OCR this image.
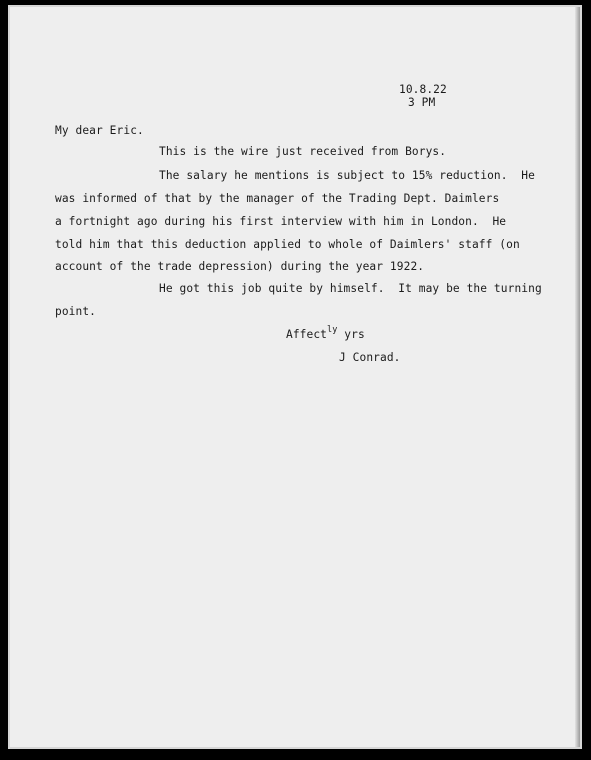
10.8.22
3 PM
My dear Eric.
This is the wire just received from Borys.
The salary he mentions is subject to 15% reduction.  He
was informed of that by the manager of the Trading Dept. Daimlers
a fortnight ago during his first interview with him in London.  He
told him that this deduction applied to whole of Daimlers' staff (on
account of the trade depression) during the year 1922.
He got this job quite by himself.  It may be the turning
point.
Affect$^{ly}$ yrs
J Conrad.
